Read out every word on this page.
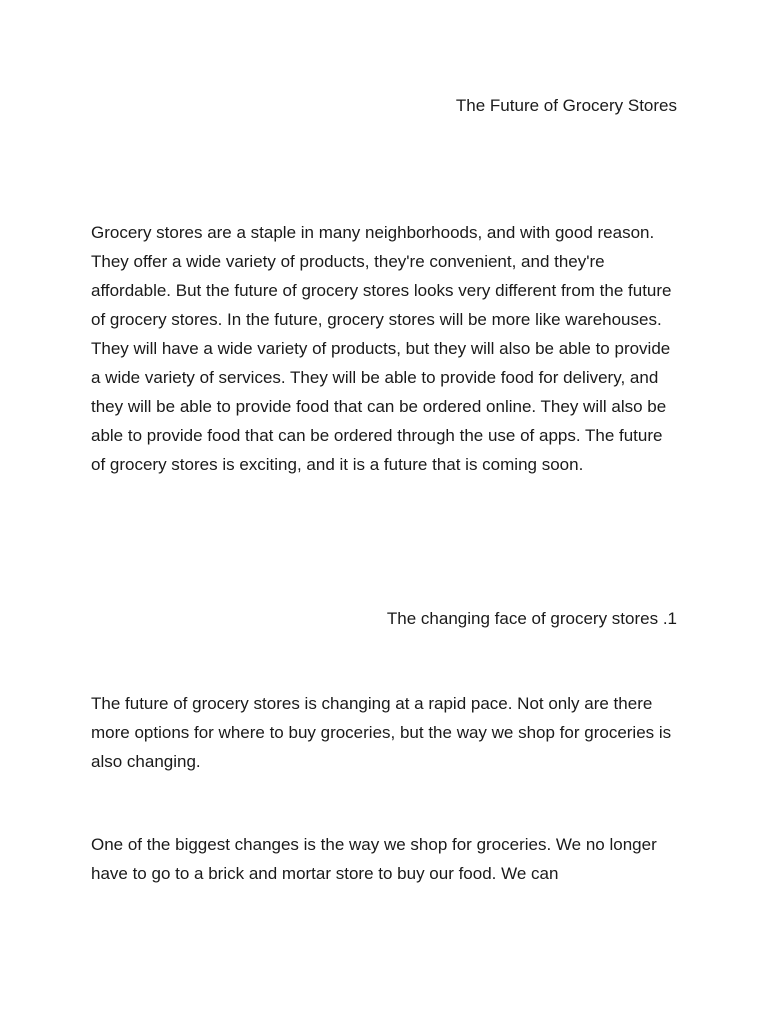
The Future of Grocery Stores

Grocery stores are a staple in many neighborhoods, and with good reason. They offer a wide variety of products, they're convenient, and they're affordable. But the future of grocery stores looks very different from the future of grocery stores. In the future, grocery stores will be more like warehouses. They will have a wide variety of products, but they will also be able to provide a wide variety of services. They will be able to provide food for delivery, and they will be able to provide food that can be ordered online. They will also be able to provide food that can be ordered through the use of apps. The future of grocery stores is exciting, and it is a future that is coming soon.

The changing face of grocery stores .1

The future of grocery stores is changing at a rapid pace. Not only are there more options for where to buy groceries, but the way we shop for groceries is also changing.

One of the biggest changes is the way we shop for groceries. We no longer have to go to a brick and mortar store to buy our food. We can
